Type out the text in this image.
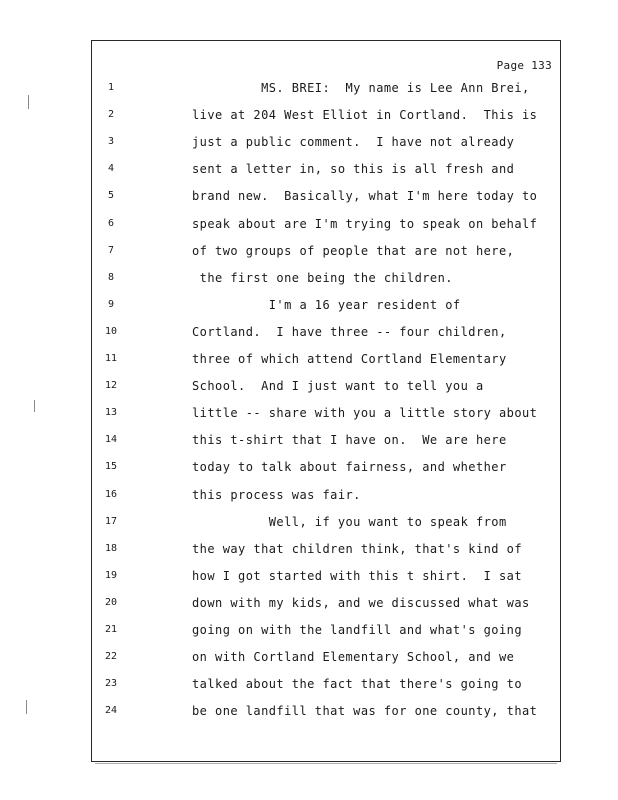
Page 133
1	MS. BREI:  My name is Lee Ann Brei,
2	live at 204 West Elliot in Cortland.  This is
3	just a public comment.  I have not already
4	sent a letter in, so this is all fresh and
5	brand new.  Basically, what I'm here today to
6	speak about are I'm trying to speak on behalf
7	of two groups of people that are not here,
8	the first one being the children.
9	I'm a 16 year resident of
10	Cortland.  I have three -- four children,
11	three of which attend Cortland Elementary
12	School.  And I just want to tell you a
13	little -- share with you a little story about
14	this t-shirt that I have on.  We are here
15	today to talk about fairness, and whether
16	this process was fair.
17	Well, if you want to speak from
18	the way that children think, that's kind of
19	how I got started with this t shirt.  I sat
20	down with my kids, and we discussed what was
21	going on with the landfill and what's going
22	on with Cortland Elementary School, and we
23	talked about the fact that there's going to
24	be one landfill that was for one county, that
